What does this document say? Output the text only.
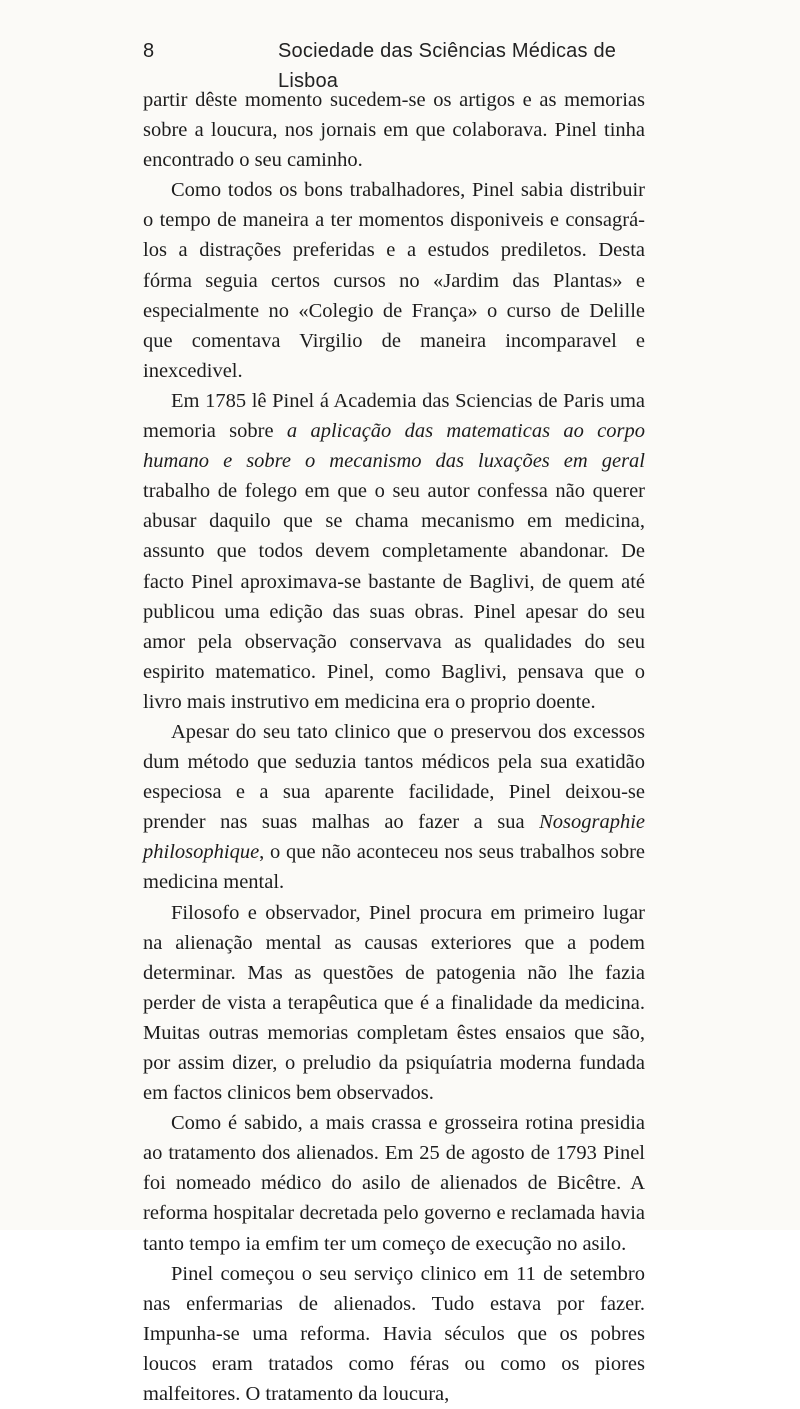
8	Sociedade das Sciências Médicas de Lisboa

partir dêste momento sucedem-se os artigos e as memorias sobre a loucura, nos jornais em que colaborava. Pinel tinha encontrado o seu caminho.

Como todos os bons trabalhadores, Pinel sabia distribuir o tempo de maneira a ter momentos disponiveis e consagrá-los a distrações preferidas e a estudos prediletos. Desta fórma seguia certos cursos no «Jardim das Plantas» e especialmente no «Colegio de França» o curso de Delille que comentava Virgilio de maneira incomparavel e inexcedivel.

Em 1785 lê Pinel á Academia das Sciencias de Paris uma memoria sobre a aplicação das matematicas ao corpo humano e sobre o mecanismo das luxações em geral trabalho de folego em que o seu autor confessa não querer abusar daquilo que se chama mecanismo em medicina, assunto que todos devem completamente abandonar. De facto Pinel aproximava-se bastante de Baglivi, de quem até publicou uma edição das suas obras. Pinel apesar do seu amor pela observação conservava as qualidades do seu espirito matematico. Pinel, como Baglivi, pensava que o livro mais instrutivo em medicina era o proprio doente.

Apesar do seu tato clinico que o preservou dos excessos dum método que seduzia tantos médicos pela sua exatidão especiosa e a sua aparente facilidade, Pinel deixou-se prender nas suas malhas ao fazer a sua Nosographie philosophique, o que não aconteceu nos seus trabalhos sobre medicina mental.

Filosofo e observador, Pinel procura em primeiro lugar na alienação mental as causas exteriores que a podem determinar. Mas as questões de patogenia não lhe fazia perder de vista a terapêutica que é a finalidade da medicina. Muitas outras memorias completam êstes ensaios que são, por assim dizer, o preludio da psiquíatria moderna fundada em factos clinicos bem observados.

Como é sabido, a mais crassa e grosseira rotina presidia ao tratamento dos alienados. Em 25 de agosto de 1793 Pinel foi nomeado médico do asilo de alienados de Bicêtre. A reforma hospitalar decretada pelo governo e reclamada havia tanto tempo ia emfim ter um começo de execução no asilo.

Pinel começou o seu serviço clinico em 11 de setembro nas enfermarias de alienados. Tudo estava por fazer. Impunha-se uma reforma. Havia séculos que os pobres loucos eram tratados como féras ou como os piores malfeitores. O tratamento da loucura,
